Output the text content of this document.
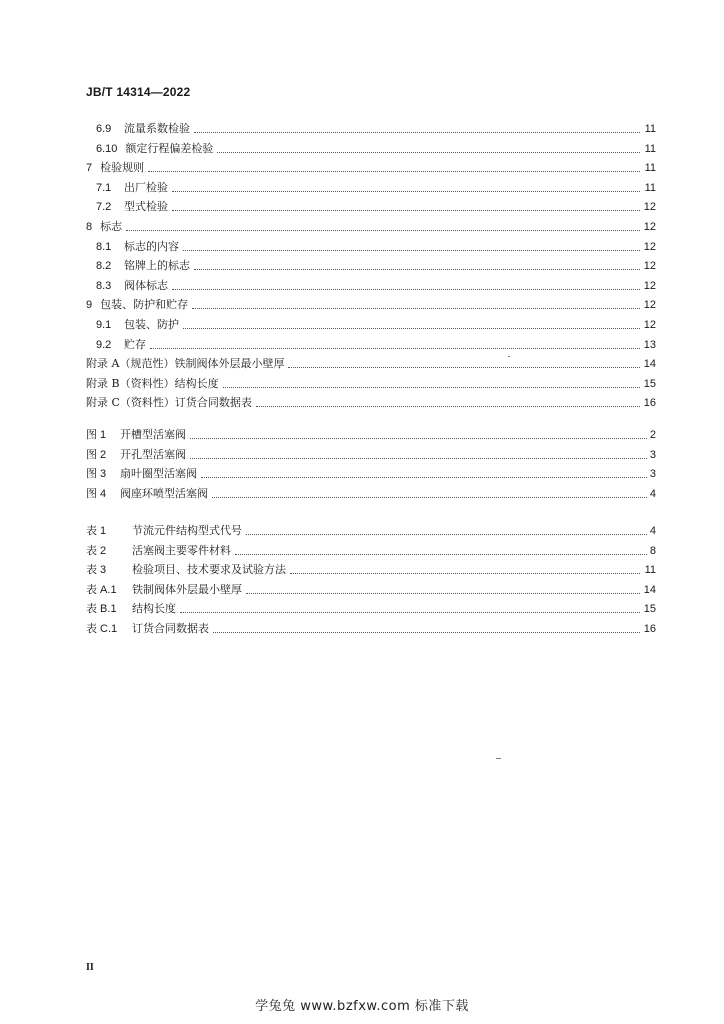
JB/T 14314—2022
6.9 流量系数检验	11
6.10 额定行程偏差检验	11
7 检验规则	11
7.1 出厂检验	11
7.2 型式检验	12
8 标志	12
8.1 标志的内容	12
8.2 铭牌上的标志	12
8.3 阀体标志	12
9 包装、防护和贮存	12
9.1 包装、防护	12
9.2 贮存	13
附录 A（规范性）铁制阀体外层最小壁厚	14
附录 B（资料性）结构长度	15
附录 C（资料性）订货合同数据表	16
图 1 开槽型活塞阀	2
图 2 开孔型活塞阀	3
图 3 扇叶圈型活塞阀	3
图 4 阀座环喷型活塞阀	4
表 1 节流元件结构型式代号	4
表 2 活塞阀主要零件材料	8
表 3 检验项目、技术要求及试验方法	11
表 A.1 铁制阀体外层最小壁厚	14
表 B.1 结构长度	15
表 C.1 订货合同数据表	16
II
学兔兔 www.bzfxw.com 标准下载
